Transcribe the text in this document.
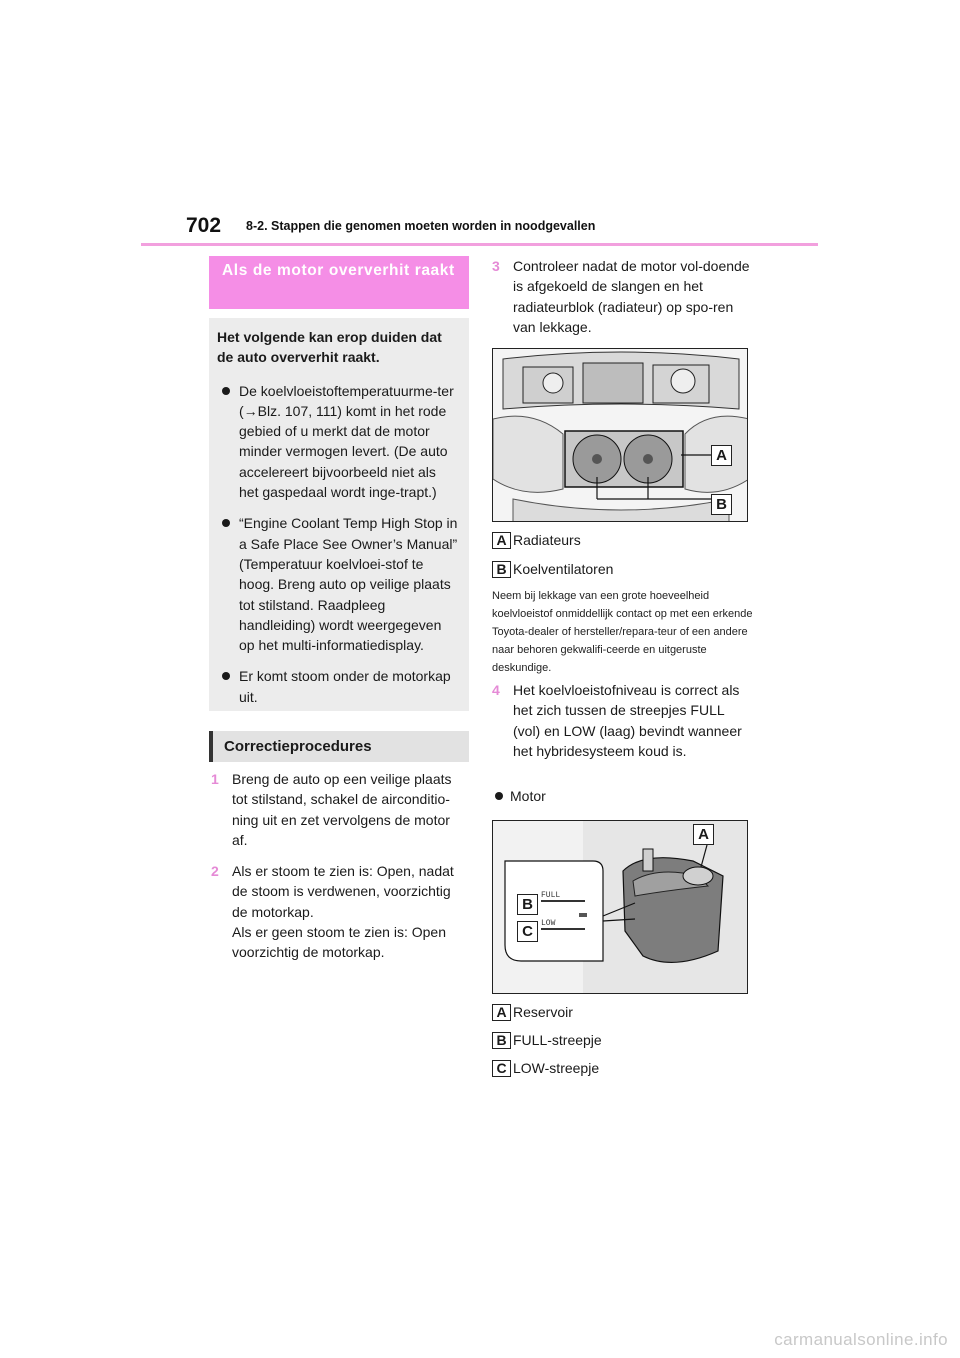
702 8-2. Stappen die genomen moeten worden in noodgevallen
Als de motor oververhit raakt
Het volgende kan erop duiden dat de auto oververhit raakt.
De koelvloeistoftemperatuurme-ter (→Blz. 107, 111) komt in het rode gebied of u merkt dat de motor minder vermogen levert. (De auto accelereert bijvoorbeeld niet als het gaspedaal wordt inge-trapt.)
“Engine Coolant Temp High Stop in a Safe Place See Owner’s Manual” (Temperatuur koelvloei-stof te hoog. Breng auto op veilige plaats tot stilstand. Raadpleeg handleiding) wordt weergegeven op het multi-informatiedisplay.
Er komt stoom onder de motorkap uit.
Correctieprocedures
1 Breng de auto op een veilige plaats tot stilstand, schakel de airconditio-ning uit en zet vervolgens de motor af.
2 Als er stoom te zien is: Open, nadat de stoom is verdwenen, voorzichtig de motorkap.
Als er geen stoom te zien is: Open voorzichtig de motorkap.
3 Controleer nadat de motor vol-doende is afgekoeld de slangen en het radiateurblok (radiateur) op spo-ren van lekkage.
A
B
A Radiateurs
B Koelventilatoren
Neem bij lekkage van een grote hoeveelheid koelvloeistof onmiddellijk contact op met een erkende Toyota-dealer of hersteller/repara-teur of een andere naar behoren gekwalifi-ceerde en uitgeruste deskundige.
4 Het koelvloeistofniveau is correct als het zich tussen de streepjes FULL (vol) en LOW (laag) bevindt wanneer het hybridesysteem koud is.
Motor
FULL
LOW
A
B
C
A Reservoir
B FULL-streepje
C LOW-streepje
carmanualsonline.info
